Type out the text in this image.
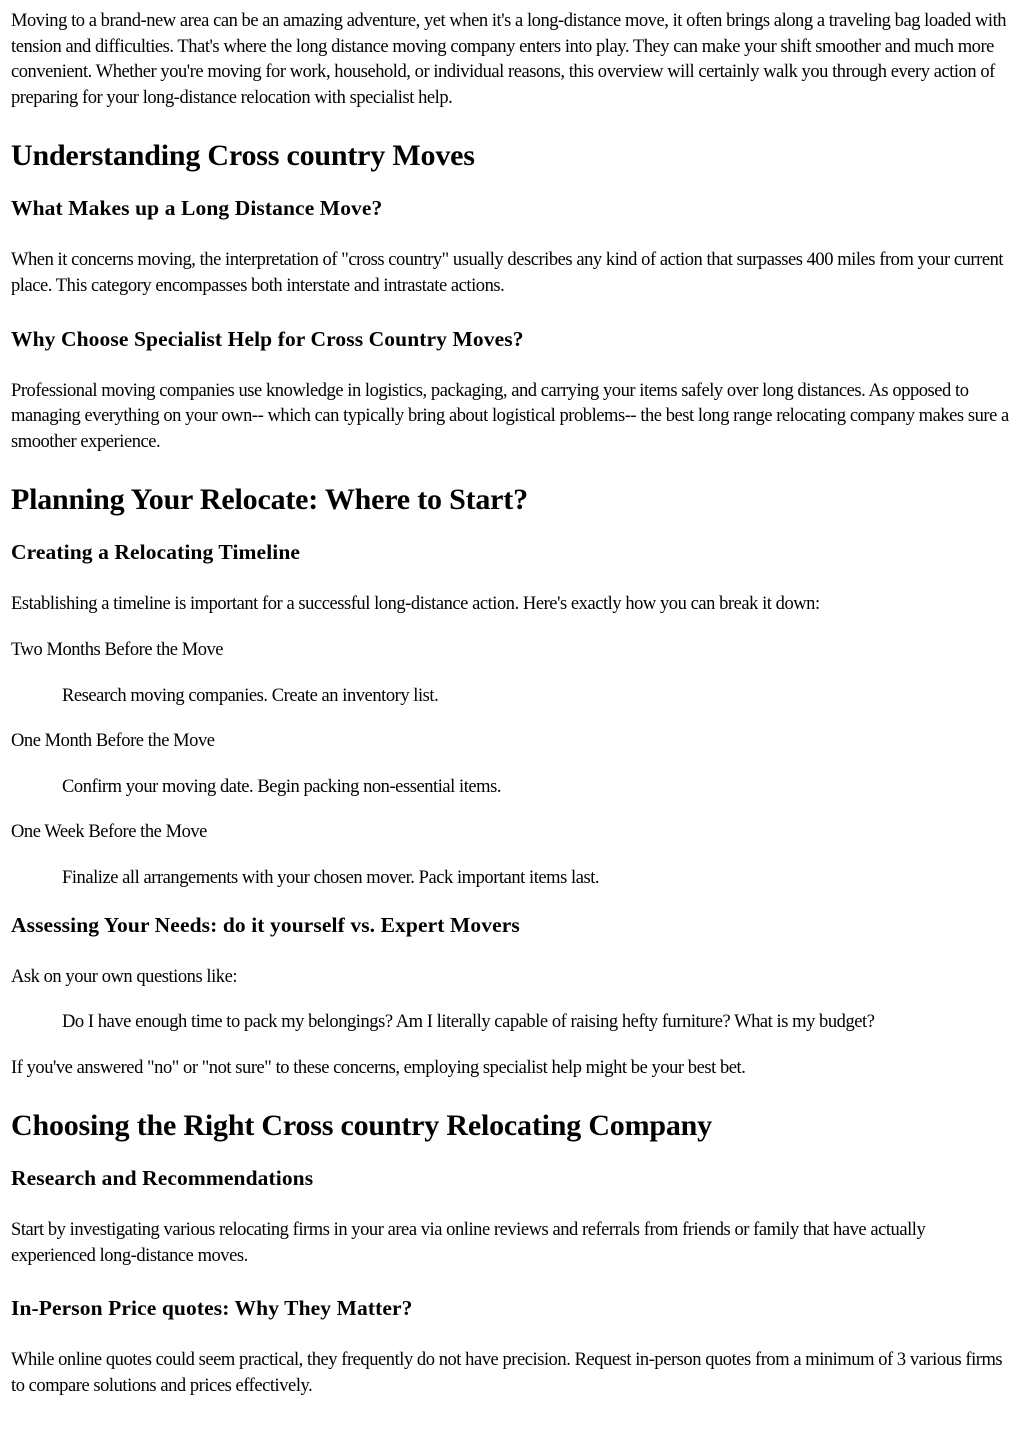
Moving to a brand-new area can be an amazing adventure, yet when it's a long-distance move, it often brings along a traveling bag loaded with tension and difficulties. That's where the long distance moving company enters into play. They can make your shift smoother and much more convenient. Whether you're moving for work, household, or individual reasons, this overview will certainly walk you through every action of preparing for your long-distance relocation with specialist help.

Understanding Cross country Moves
What Makes up a Long Distance Move?

When it concerns moving, the interpretation of "cross country" usually describes any kind of action that surpasses 400 miles from your current place. This category encompasses both interstate and intrastate actions.

Why Choose Specialist Help for Cross Country Moves?

Professional moving companies use knowledge in logistics, packaging, and carrying your items safely over long distances. As opposed to managing everything on your own-- which can typically bring about logistical problems-- the best long range relocating company makes sure a smoother experience.

Planning Your Relocate: Where to Start?
Creating a Relocating Timeline

Establishing a timeline is important for a successful long-distance action. Here's exactly how you can break it down:

Two Months Before the Move

Research moving companies. Create an inventory list.

One Month Before the Move

Confirm your moving date. Begin packing non-essential items.

One Week Before the Move

Finalize all arrangements with your chosen mover. Pack important items last.

Assessing Your Needs: do it yourself vs. Expert Movers

Ask on your own questions like:

Do I have enough time to pack my belongings? Am I literally capable of raising hefty furniture? What is my budget?

If you've answered "no" or "not sure" to these concerns, employing specialist help might be your best bet.

Choosing the Right Cross country Relocating Company
Research and Recommendations

Start by investigating various relocating firms in your area via online reviews and referrals from friends or family that have actually experienced long-distance moves.

In-Person Price quotes: Why They Matter?

While online quotes could seem practical, they frequently do not have precision. Request in-person quotes from a minimum of 3 various firms to compare solutions and prices effectively.
